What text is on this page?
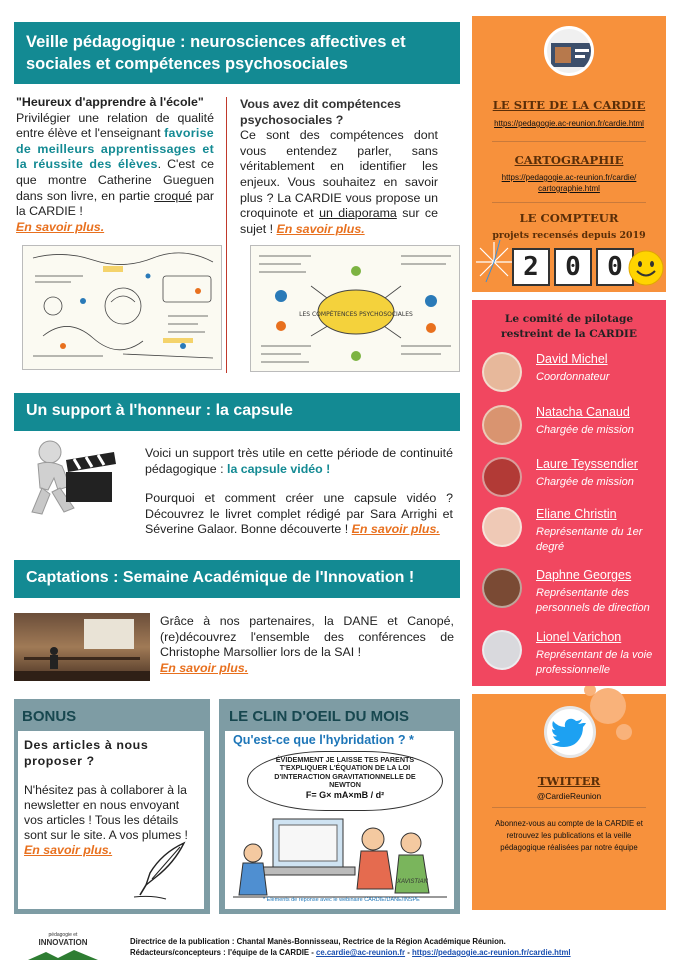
Veille pédagogique : neurosciences affectives et
sociales et compétences psychosociales
"Heureux d'apprendre à l'école"
Privilégier une relation de qualité entre élève et l'enseignant favorise de meilleurs apprentissages et la réussite des élèves. C'est ce que montre Catherine Gueguen dans son livre, en partie croqué par la CARDIE !
En savoir plus.
Vous avez dit compétences psychosociales ?
Ce sont des compétences dont vous entendez parler, sans véritablement en identifier les enjeux. Vous souhaitez en savoir plus ? La CARDIE vous propose un croquinote et un diaporama sur ce sujet ! En savoir plus.
LES COMPÉTENCES PSYCHOSOCIALES
Un support à l'honneur : la capsule

Voici un support très utile en cette période de continuité pédagogique : la capsule vidéo !

Pourquoi et comment créer une capsule vidéo ? Découvrez le livret complet rédigé par Sara Arrighi et Séverine Galaor. Bonne découverte ! En savoir plus.

Captations : Semaine Académique de l'Innovation !
Grâce à nos partenaires, la DANE et Canopé, (re)découvrez l'ensemble des conférences de Christophe Marsollier lors de la SAI !
En savoir plus.
BONUS
Des articles à nous proposer ?
N'hésitez pas à collaborer à la newsletter en nous envoyant vos articles ! Tous les détails sont sur le site. A vos plumes !
En savoir plus.
LE CLIN D'OEIL DU MOIS
Qu'est-ce que l'hybridation ? *
ÉVIDEMMENT JE LAISSE TES PARENTS T'EXPLIQUER L'ÉQUATION DE LA LOI D'INTERACTION GRAVITATIONNELLE DE NEWTON
F= G× mA×mB / d²
XAVISTIAN
* Éléments de réponse avec le webinaire CARDIE/DANE/INSPE
LE SITE DE LA CARDIE
https://pedagogie.ac-reunion.fr/cardie.html
CARTOGRAPHIE
https://pedagogie.ac-reunion.fr/cardie/
cartographie.html
LE COMPTEUR
projets recensés depuis 2019
2	0	0
Le comité de pilotage
restreint de la CARDIE
David Michel
Coordonnateur
Natacha Canaud
Chargée de mission
Laure Teyssendier
Chargée de mission
Eliane Christin
Représentante du 1er degré
Daphne Georges
Représentante des personnels de direction
Lionel Varichon
Représentant de la voie professionnelle
TWITTER
@CardieReunion
Abonnez-vous au compte de la CARDIE et retrouvez les publications et la veille pédagogique réalisées par notre équipe
pédagogie et
INNOVATION	Directrice de la publication : Chantal Manès-Bonnisseau, Rectrice de la Région Académique Réunion.
Rédacteurs/concepteurs : l'équipe de la CARDIE - ce.cardie@ac-reunion.fr - https://pedagogie.ac-reunion.fr/cardie.html
